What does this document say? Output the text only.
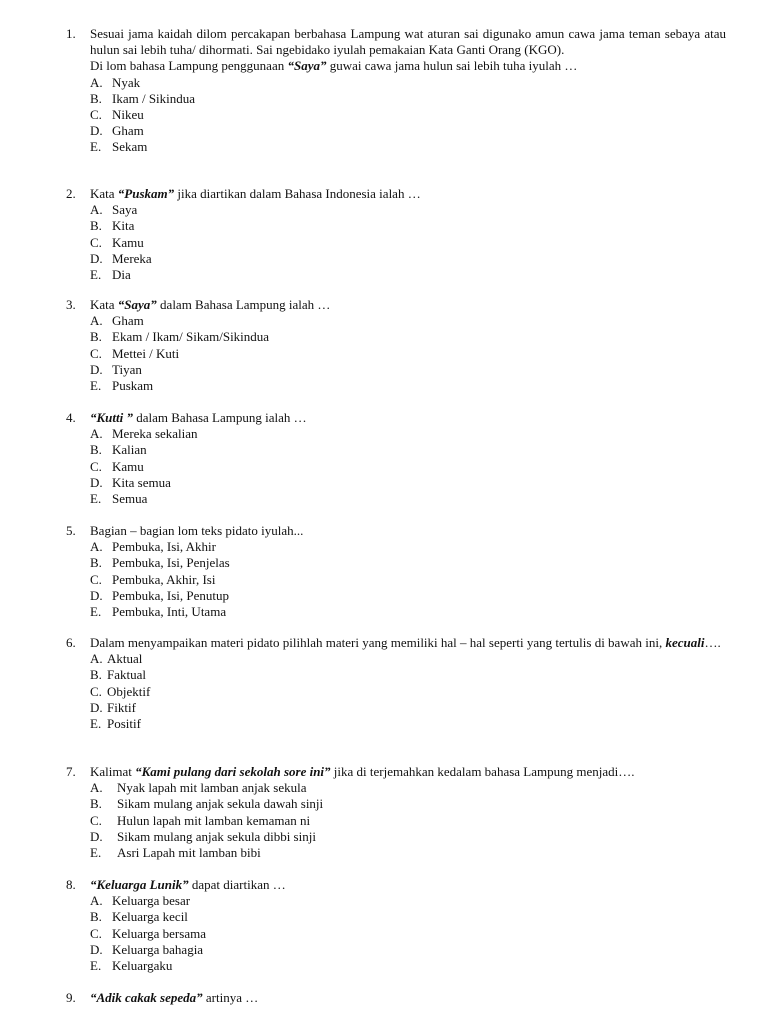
1. Sesuai jama kaidah dilom percakapan berbahasa Lampung wat aturan sai digunako amun cawa jama teman sebaya atau hulun sai lebih tuha/ dihormati. Sai ngebidako iyulah pemakaian Kata Ganti Orang (KGO).
Di lom bahasa Lampung penggunaan “Saya” guwai cawa jama hulun sai lebih tuha iyulah …
A. Nyak
B. Ikam / Sikindua
C. Nikeu
D. Gham
E. Sekam
2. Kata “Puskam” jika diartikan dalam Bahasa Indonesia ialah …
A. Saya
B. Kita
C. Kamu
D. Mereka
E. Dia
3. Kata “Saya” dalam Bahasa Lampung ialah …
A. Gham
B. Ekam / Ikam/ Sikam/Sikindua
C. Mettei / Kuti
D. Tiyan
E. Puskam
4. “Kutti ” dalam Bahasa Lampung ialah …
A. Mereka sekalian
B. Kalian
C. Kamu
D. Kita semua
E. Semua
5. Bagian – bagian lom teks pidato iyulah...
A. Pembuka, Isi, Akhir
B. Pembuka, Isi, Penjelas
C. Pembuka, Akhir, Isi
D. Pembuka, Isi, Penutup
E. Pembuka, Inti, Utama
6. Dalam menyampaikan materi pidato pilihlah materi yang memiliki hal – hal seperti yang tertulis di bawah ini, kecuali….
A. Aktual
B. Faktual
C. Objektif
D. Fiktif
E. Positif
7. Kalimat “Kami pulang dari sekolah sore ini” jika di terjemahkan kedalam bahasa Lampung menjadi….
A. Nyak lapah mit lamban anjak sekula
B. Sikam mulang anjak sekula dawah sinji
C. Hulun lapah mit lamban kemaman ni
D. Sikam mulang anjak sekula dibbi sinji
E. Asri Lapah mit lamban bibi
8. “Keluarga Lunik” dapat diartikan …
A. Keluarga besar
B. Keluarga kecil
C. Keluarga bersama
D. Keluarga bahagia
E. Keluargaku
9. “Adik cakak sepeda” artinya …
